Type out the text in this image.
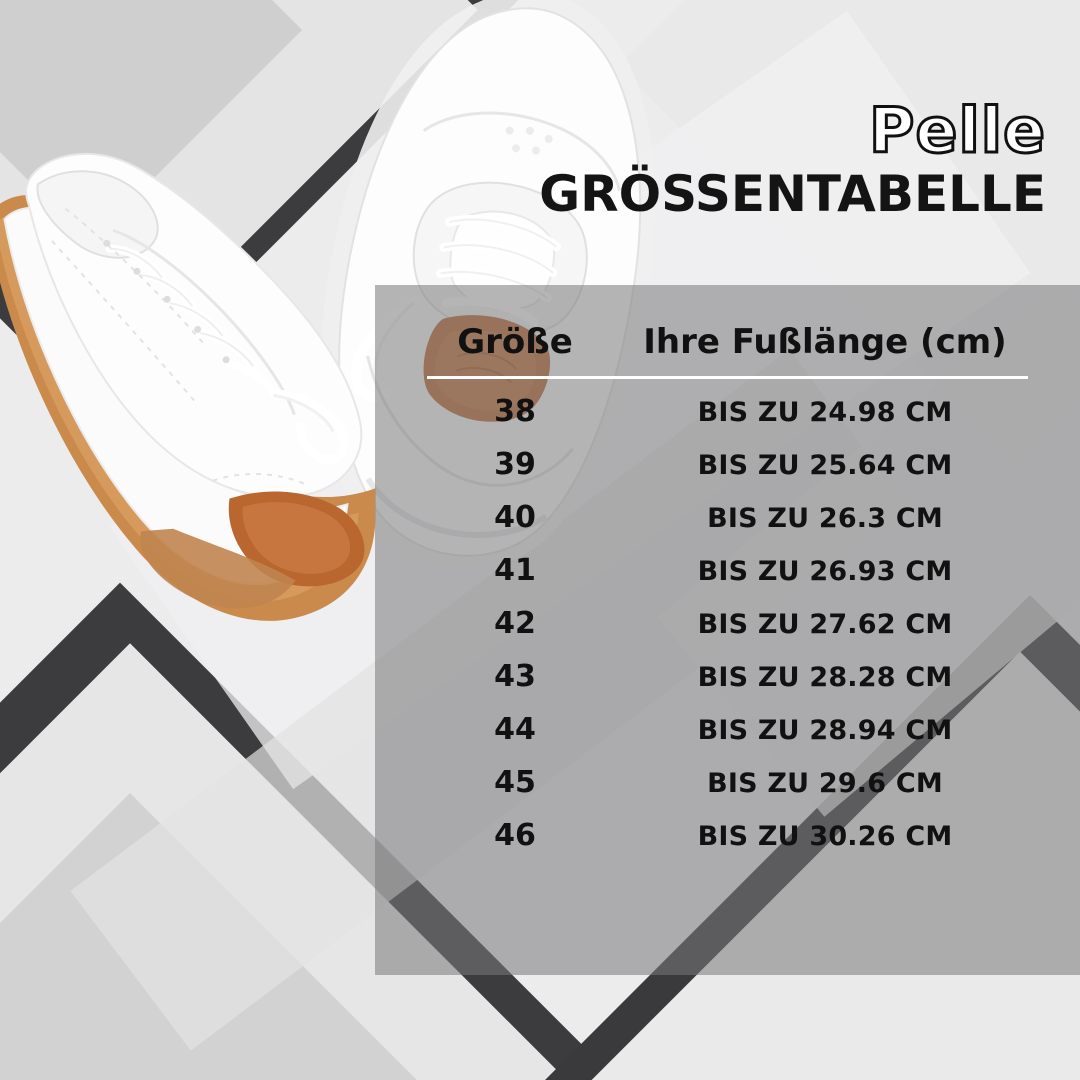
Pelle
GRÖSSENTABELLE
Größe	Ihre Fußlänge (cm)
38	BIS ZU 24.98 CM
39	BIS ZU 25.64 CM
40	BIS ZU 26.3 CM
41	BIS ZU 26.93 CM
42	BIS ZU 27.62 CM
43	BIS ZU 28.28 CM
44	BIS ZU 28.94 CM
45	BIS ZU 29.6 CM
46	BIS ZU 30.26 CM
